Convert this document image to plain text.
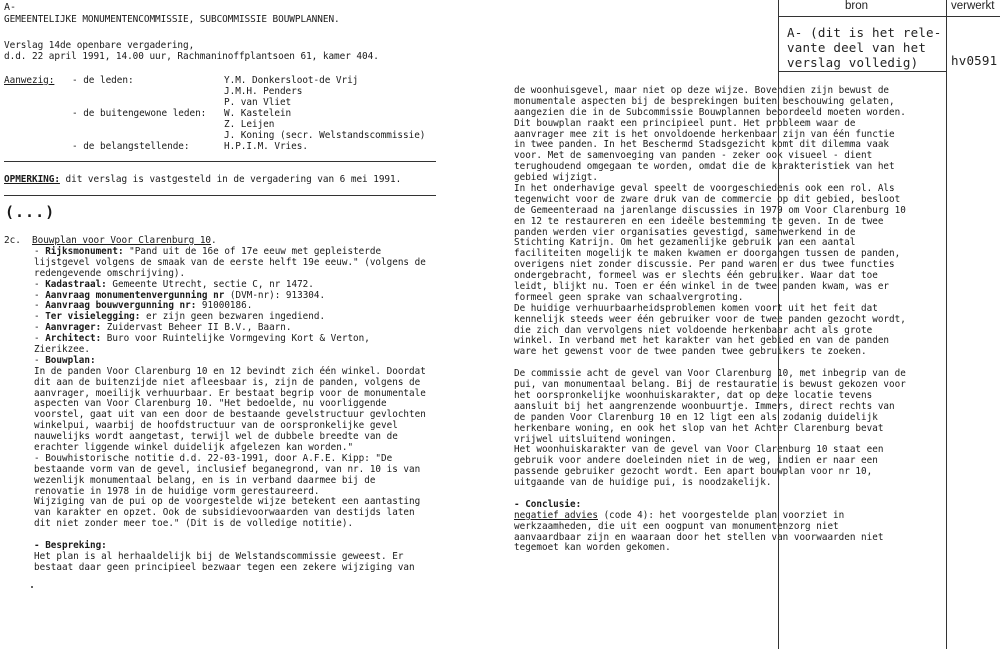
A-
GEMEENTELIJKE MONUMENTENCOMMISSIE, SUBCOMMISSIE BOUWPLANNEN.
Verslag 14de openbare vergadering,
d.d. 22 april 1991, 14.00 uur, Rachmaninoffplantsoen 61, kamer 404.
Aanwezig: - de leden:	Y.M. Donkersloot-de Vrij
J.M.H. Penders
P. van Vliet
- de buitengewone leden: W. Kastelein
Z. Leijen
J. Koning (secr. Welstandscommissie)
- de belangstellende:	H.P.I.M. Vries.
OPMERKING: dit verslag is vastgesteld in de vergadering van 6 mei 1991.
(...)
2c. Bouwplan voor Voor Clarenburg 10.
- Rijksmonument: "Pand uit de 16e of 17e eeuw met gepleisterde
lijstgevel volgens de smaak van de eerste helft 19e eeuw." (volgens de
redengevende omschrijving).
- Kadastraal: Gemeente Utrecht, sectie C, nr 1472.
- Aanvraag monumentenvergunning nr (DVM-nr): 913304.
- Aanvraag bouwvergunning nr: 91000186.
- Ter visielegging: er zijn geen bezwaren ingediend.
- Aanvrager: Zuidervast Beheer II B.V., Baarn.
- Architect: Buro voor Ruintelijke Vormgeving Kort & Verton,
Zierikzee.
- Bouwplan:
In de panden Voor Clarenburg 10 en 12 bevindt zich één winkel. Doordat
dit aan de buitenzijde niet afleesbaar is, zijn de panden, volgens de
aanvrager, moeilijk verhuurbaar. Er bestaat begrip voor de monumentale
aspecten van Voor Clarenburg 10. "Het bedoelde, nu voorliggende
voorstel, gaat uit van een door de bestaande gevelstructuur gevlochten
winkelpui, waarbij de hoofdstructuur van de oorspronkelijke gevel
nauwelijks wordt aangetast, terwijl wel de dubbele breedte van de
erachter liggende winkel duidelijk afgelezen kan worden."
- Bouwhistorische notitie d.d. 22-03-1991, door A.F.E. Kipp: "De
bestaande vorm van de gevel, inclusief beganegrond, van nr. 10 is van
wezenlijk monumentaal belang, en is in verband daarmee bij de
renovatie in 1978 in de huidige vorm gerestaureerd.
Wijziging van de pui op de voorgestelde wijze betekent een aantasting
van karakter en opzet. Ook de subsidievoorwaarden van destijds laten
dit niet zonder meer toe." (Dit is de volledige notitie).
- Bespreking:
Het plan is al herhaaldelijk bij de Welstandscommissie geweest. Er
bestaat daar geen principieel bezwaar tegen een zekere wijziging van
de woonhuisgevel, maar niet op deze wijze. Bovendien zijn bewust de
monumentale aspecten bij de besprekingen buiten beschouwing gelaten,
aangezien die in de Subcommissie Bouwplannen beoordeeld moeten worden.
Dit bouwplan raakt een principieel punt. Het probleem waar de
aanvrager mee zit is het onvoldoende herkenbaar zijn van één functie
in twee panden. In het Beschermd Stadsgezicht komt dit dilemma vaak
voor. Met de samenvoeging van panden - zeker ook visueel - dient
terughoudend omgegaan te worden, omdat die de karakteristiek van het
gebied wijzigt.
In het onderhavige geval speelt de voorgeschiedenis ook een rol. Als
tegenwicht voor de zware druk van de commercie op dit gebied, besloot
de Gemeenteraad na jarenlange discussies in 1979 om Voor Clarenburg 10
en 12 te restaureren en een ideële bestemming te geven. In de twee
panden werden vier organisaties gevestigd, samenwerkend in de
Stichting Katrijn. Om het gezamenlijke gebruik van een aantal
faciliteiten mogelijk te maken kwamen er doorgangen tussen de panden,
overigens niet zonder discussie. Per pand waren er dus twee functies
ondergebracht, formeel was er slechts één gebruiker. Waar dat toe
leidt, blijkt nu. Toen er één winkel in de twee panden kwam, was er
formeel geen sprake van schaalvergroting.
De huidige verhuurbaarheidsproblemen komen voort uit het feit dat
kennelijk steeds weer één gebruiker voor de twee panden gezocht wordt,
die zich dan vervolgens niet voldoende herkenbaar acht als grote
winkel. In verband met het karakter van het gebied en van de panden
ware het gewenst voor de twee panden twee gebruikers te zoeken.
De commissie acht de gevel van Voor Clarenburg 10, met inbegrip van de
pui, van monumentaal belang. Bij de restauratie is bewust gekozen voor
het oorspronkelijke woonhuiskarakter, dat op deze locatie tevens
aansluit bij het aangrenzende woonbuurtje. Immers, direct rechts van
de panden Voor Clarenburg 10 en 12 ligt een als zodanig duidelijk
herkenbare woning, en ook het slop van het Achter Clarenburg bevat
vrijwel uitsluitend woningen.
Het woonhuiskarakter van de gevel van Voor Clarenburg 10 staat een
gebruik voor andere doeleinden niet in de weg, indien er naar een
passende gebruiker gezocht wordt. Een apart bouwplan voor nr 10,
uitgaande van de huidige pui, is noodzakelijk.
- Conclusie:
negatief advies (code 4): het voorgestelde plan voorziet in
werkzaamheden, die uit een oogpunt van monumentenzorg niet
aanvaardbaar zijn en waaraan door het stellen van voorwaarden niet
tegemoet kan worden gekomen.
bron	verwerkt
A- (dit is het rele-
vante deel van het
verslag volledig)	hv0591
